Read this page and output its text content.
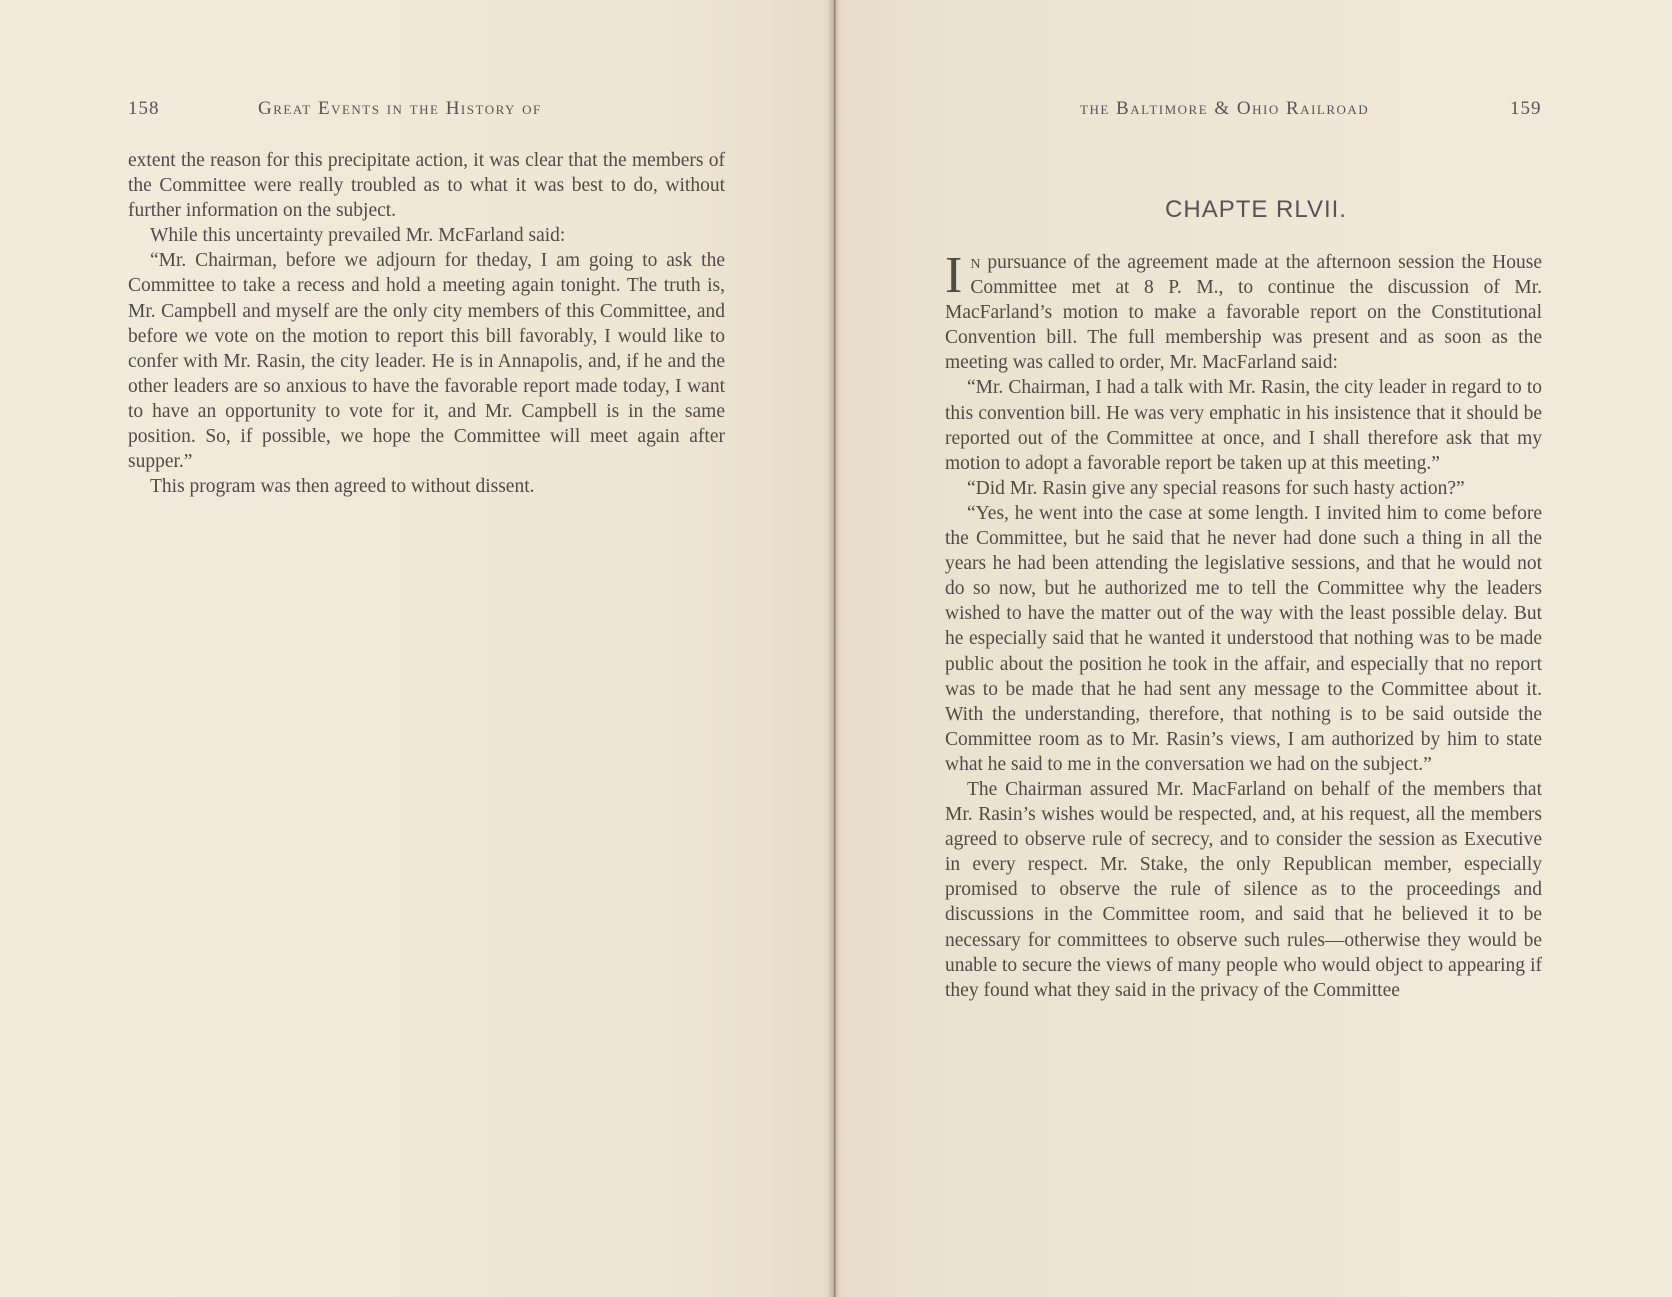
158	Great Events in the History of

extent the reason for this precipitate action, it was clear that the members of the Committee were really troubled as to what it was best to do, without further information on the subject.

While this uncertainty prevailed Mr. McFarland said:

“Mr. Chairman, before we adjourn for theday, I am going to ask the Committee to take a recess and hold a meeting again tonight. The truth is, Mr. Campbell and myself are the only city members of this Committee, and before we vote on the motion to report this bill favorably, I would like to confer with Mr. Rasin, the city leader. He is in Annapolis, and, if he and the other leaders are so anxious to have the favorable report made today, I want to have an opportunity to vote for it, and Mr. Campbell is in the same position. So, if possible, we hope the Committee will meet again after supper.”

This program was then agreed to without dissent.

the Baltimore & Ohio Railroad	159
CHAPTE RLVII.

In pursuance of the agreement made at the afternoon session the House Committee met at 8 P. M., to continue the discussion of Mr. MacFarland’s motion to make a favorable report on the Constitutional Convention bill. The full membership was present and as soon as the meeting was called to order, Mr. MacFarland said:

“Mr. Chairman, I had a talk with Mr. Rasin, the city leader in regard to to this convention bill. He was very emphatic in his insistence that it should be reported out of the Committee at once, and I shall therefore ask that my motion to adopt a favorable report be taken up at this meeting.”

“Did Mr. Rasin give any special reasons for such hasty action?”

“Yes, he went into the case at some length. I invited him to come before the Committee, but he said that he never had done such a thing in all the years he had been attending the legislative sessions, and that he would not do so now, but he authorized me to tell the Committee why the leaders wished to have the matter out of the way with the least possible delay. But he especially said that he wanted it understood that nothing was to be made public about the position he took in the affair, and especially that no report was to be made that he had sent any message to the Committee about it. With the understanding, therefore, that nothing is to be said outside the Committee room as to Mr. Rasin’s views, I am authorized by him to state what he said to me in the conversation we had on the subject.”

The Chairman assured Mr. MacFarland on behalf of the members that Mr. Rasin’s wishes would be respected, and, at his request, all the members agreed to observe rule of secrecy, and to consider the session as Executive in every respect. Mr. Stake, the only Republican member, especially promised to observe the rule of silence as to the proceedings and discussions in the Committee room, and said that he believed it to be necessary for committees to observe such rules—otherwise they would be unable to secure the views of many people who would object to appearing if they found what they said in the privacy of the Committee
